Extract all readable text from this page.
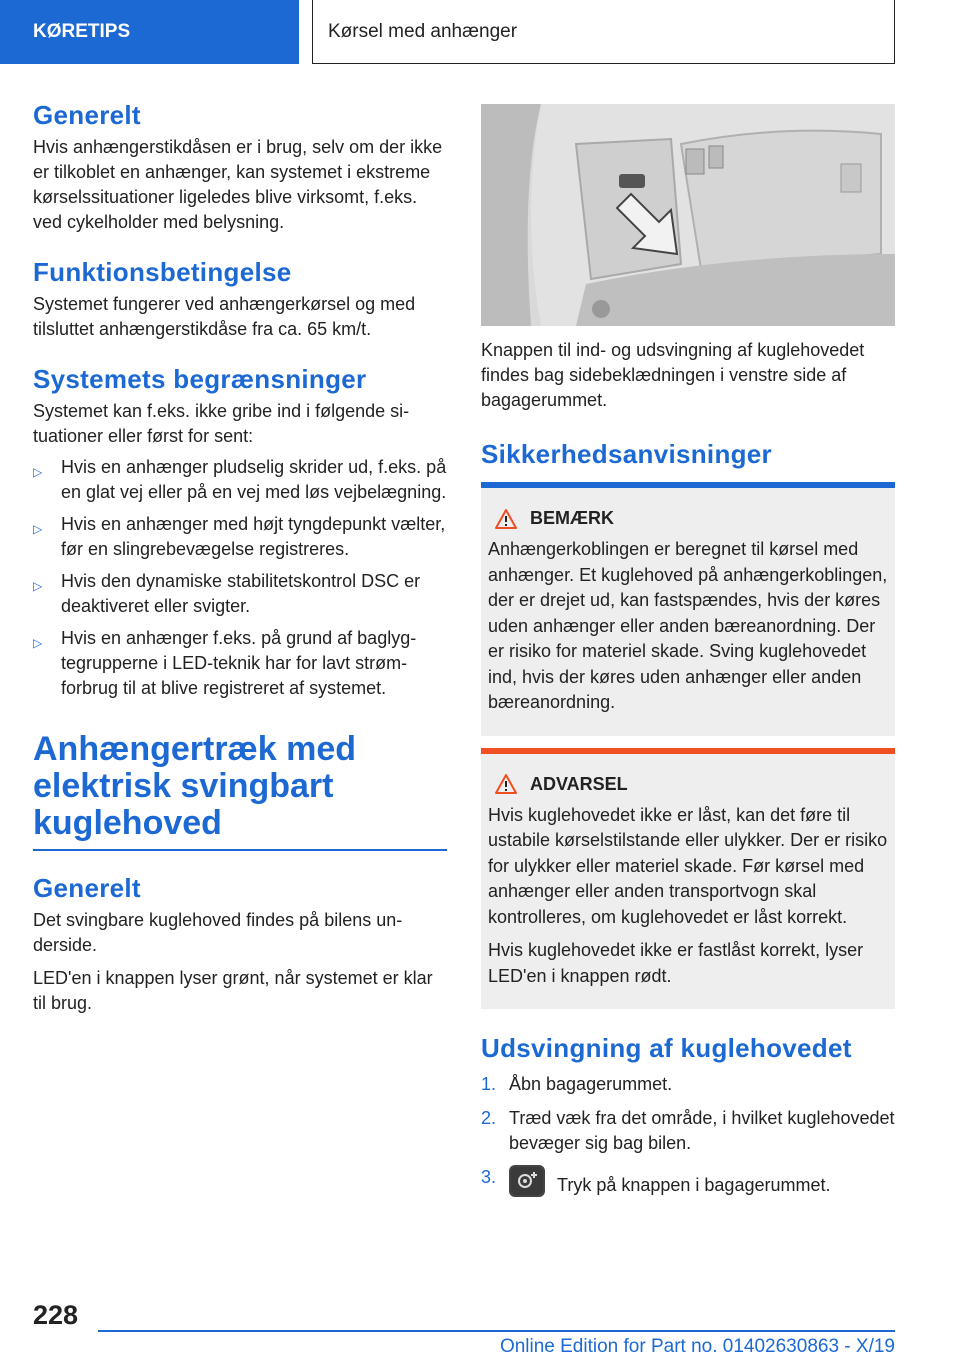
KØRETIPS	Kørsel med anhænger
Generelt

Hvis anhængerstikdåsen er i brug, selv om der ikke er tilkoblet en anhænger, kan systemet i ekstreme kørselssituationer ligeledes blive virksomt, f.eks. ved cykelholder med belysning.

Funktionsbetingelse

Systemet fungerer ved anhængerkørsel og med tilsluttet anhængerstikdåse fra ca. 65 km/t.

Systemets begrænsninger

Systemet kan f.eks. ikke gribe ind i følgende situationer eller først for sent:

▷ Hvis en anhænger pludselig skrider ud, f.eks. på en glat vej eller på en vej med løs vejbelægning.
▷ Hvis en anhænger med højt tyngdepunkt vælter, før en slingrebevægelse registreres.
▷ Hvis den dynamiske stabilitetskontrol DSC er deaktiveret eller svigter.
▷ Hvis en anhænger f.eks. på grund af baglygtegrupperne i LED-teknik har for lavt strømforbrug til at blive registreret af systemet.
Anhængertræk med elektrisk svingbart kuglehoved
Generelt

Det svingbare kuglehoved findes på bilens underside.

LED'en i knappen lyser grønt, når systemet er klar til brug.

Knappen til ind- og udsvingning af kuglehovedet findes bag sidebeklædningen i venstre side af bagagerummet.

Sikkerhedsanvisninger
BEMÆRK

Anhængerkoblingen er beregnet til kørsel med anhænger. Et kuglehoved på anhængerkoblingen, der er drejet ud, kan fastspændes, hvis der køres uden anhænger eller anden bæreanordning. Der er risiko for materiel skade. Sving kuglehovedet ind, hvis der køres uden anhænger eller anden bæreanordning.

ADVARSEL

Hvis kuglehovedet ikke er låst, kan det føre til ustabile kørselstilstande eller ulykker. Der er risiko for ulykker eller materiel skade. Før kørsel med anhænger eller anden transportvogn skal kontrolleres, om kuglehovedet er låst korrekt.

Hvis kuglehovedet ikke er fastlåst korrekt, lyser LED'en i knappen rødt.

Udsvingning af kuglehovedet
1. Åbn bagagerummet.
2. Træd væk fra det område, i hvilket kuglehovedet bevæger sig bag bilen.
3.	Tryk på knappen i bagagerummet.
228
Online Edition for Part no. 01402630863 - X/19
